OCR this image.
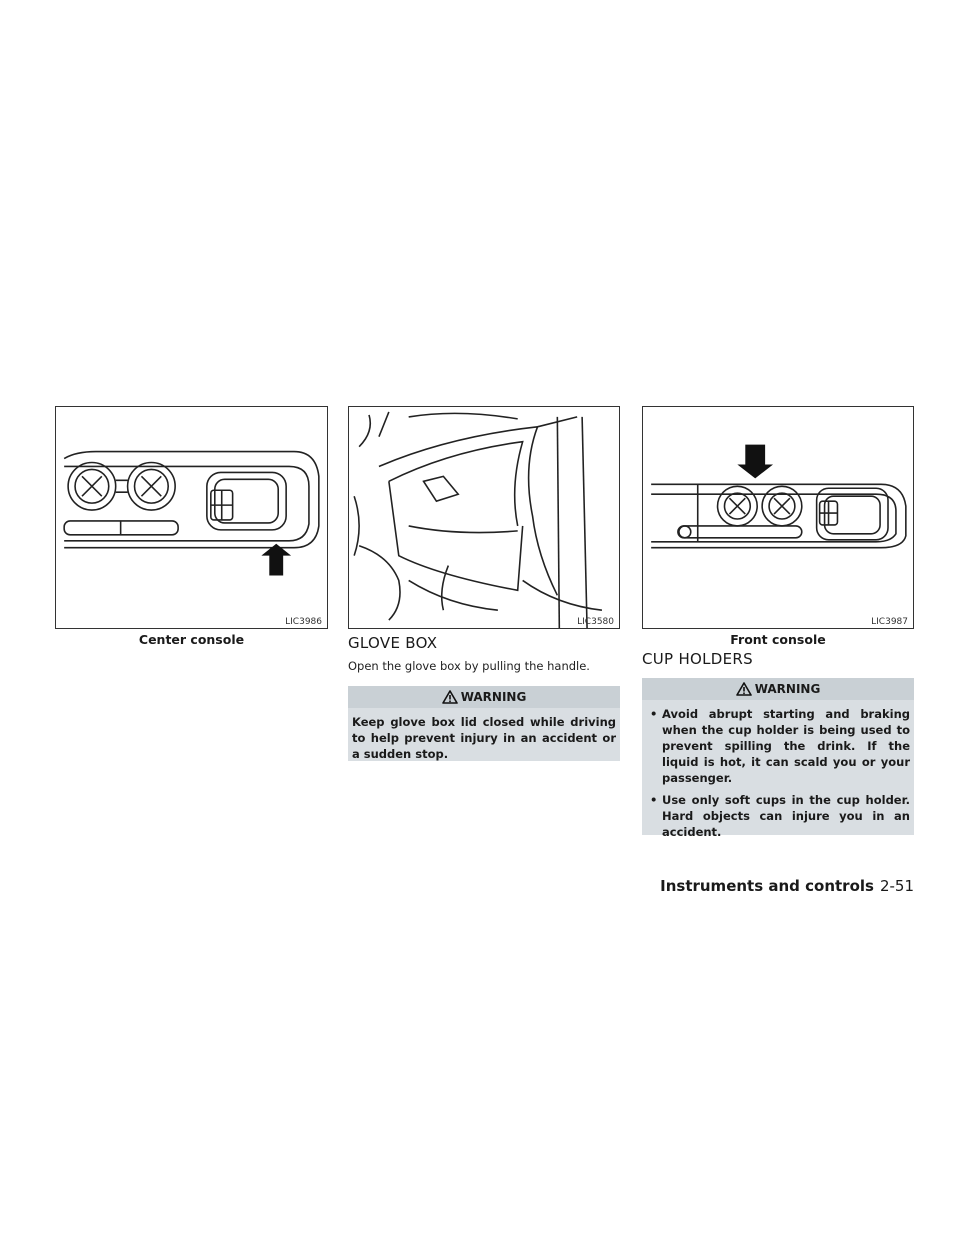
LIC3986	LIC3580	LIC3987
Center console	Front console
GLOVE BOX
Open the glove box by pulling the handle.
WARNING
Keep glove box lid closed while driving to help prevent injury in an accident or a sudden stop.
CUP HOLDERS
WARNING
• Avoid abrupt starting and braking when the cup holder is being used to prevent spilling the drink. If the liquid is hot, it can scald you or your passenger.
• Use only soft cups in the cup holder. Hard objects can injure you in an accident.
Instruments and controls 2-51
